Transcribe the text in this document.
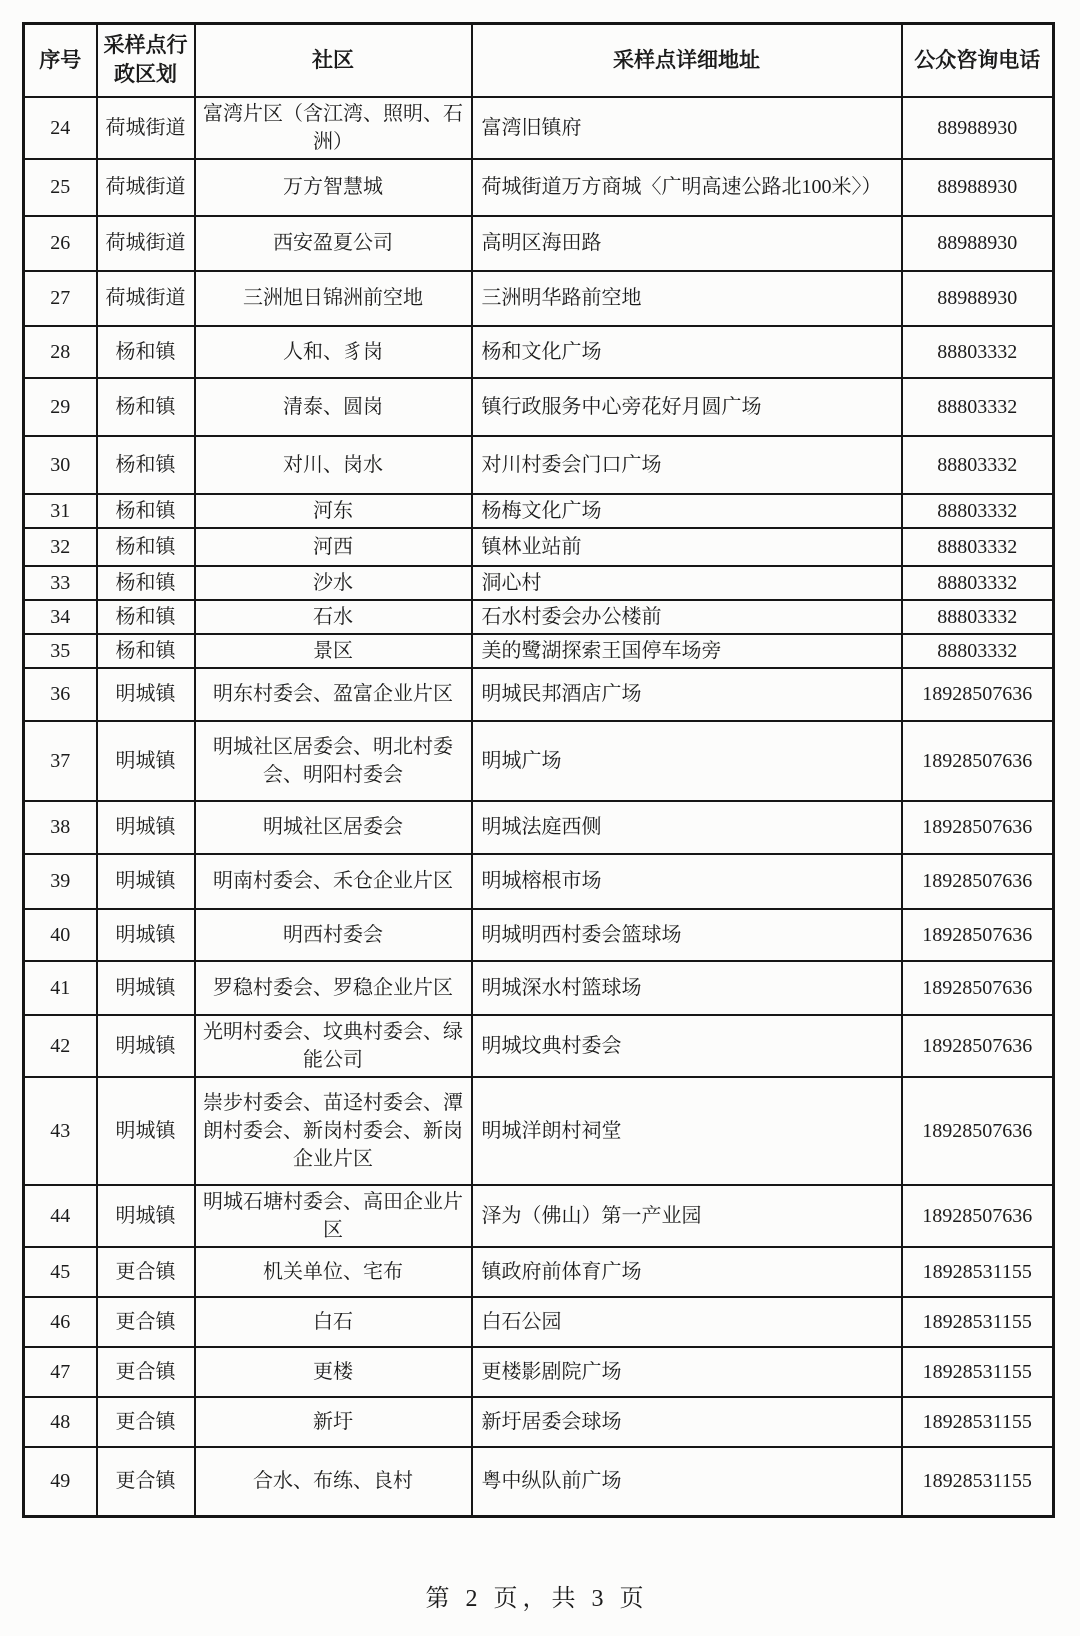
序号	采样点行政区划	社区	采样点详细地址	公众咨询电话
24	荷城街道	富湾片区（含江湾、照明、石洲）	富湾旧镇府	88988930
25	荷城街道	万方智慧城	荷城街道万方商城〈广明高速公路北100米〉）	88988930
26	荷城街道	西安盈夏公司	高明区海田路	88988930
27	荷城街道	三洲旭日锦洲前空地	三洲明华路前空地	88988930
28	杨和镇	人和、豸岗	杨和文化广场	88803332
29	杨和镇	清泰、圆岗	镇行政服务中心旁花好月圆广场	88803332
30	杨和镇	对川、岗水	对川村委会门口广场	88803332
31	杨和镇	河东	杨梅文化广场	88803332
32	杨和镇	河西	镇林业站前	88803332
33	杨和镇	沙水	洞心村	88803332
34	杨和镇	石水	石水村委会办公楼前	88803332
35	杨和镇	景区	美的鹭湖探索王国停车场旁	88803332
36	明城镇	明东村委会、盈富企业片区	明城民邦酒店广场	18928507636
37	明城镇	明城社区居委会、明北村委会、明阳村委会	明城广场	18928507636
38	明城镇	明城社区居委会	明城法庭西侧	18928507636
39	明城镇	明南村委会、禾仓企业片区	明城榕根市场	18928507636
40	明城镇	明西村委会	明城明西村委会篮球场	18928507636
41	明城镇	罗稳村委会、罗稳企业片区	明城深水村篮球场	18928507636
42	明城镇	光明村委会、坟典村委会、绿能公司	明城坟典村委会	18928507636
43	明城镇	崇步村委会、苗迳村委会、潭朗村委会、新岗村委会、新岗企业片区	明城洋朗村祠堂	18928507636
44	明城镇	明城石塘村委会、高田企业片区	泽为（佛山）第一产业园	18928507636
45	更合镇	机关单位、宅布	镇政府前体育广场	18928531155
46	更合镇	白石	白石公园	18928531155
47	更合镇	更楼	更楼影剧院广场	18928531155
48	更合镇	新圩	新圩居委会球场	18928531155
49	更合镇	合水、布练、良村	粤中纵队前广场	18928531155
第 2 页，共 3 页
